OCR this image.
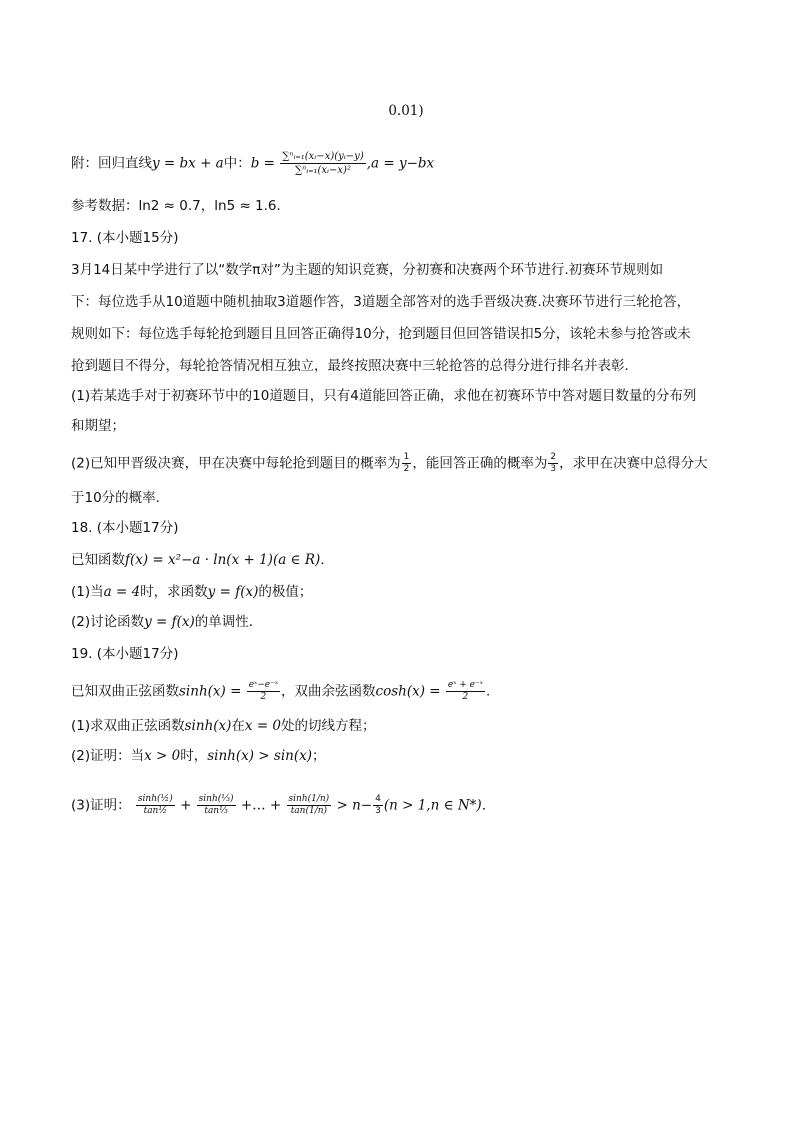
0.01)
附：回归直线y = bx + a中：$b = \frac{\text{∑ⁿᵢ₌₁(xᵢ−x)(yᵢ−y)}}{\text{∑ⁿᵢ₌₁(xᵢ−x)²}} ,a = y-bx$
参考数据：ln2 ≈ 0.7，ln5 ≈ 1.6．
17. (本小题15分)
3月14日某中学进行了以“数学π对”为主题的知识竞赛，分初赛和决赛两个环节进行.初赛环节规则如
下：每位选手从10道题中随机抽取3道题作答，3道题全部答对的选手晋级决赛.决赛环节进行三轮抢答，
规则如下：每位选手每轮抢到题目且回答正确得10分，抢到题目但回答错误扣5分，该轮未参与抢答或未
抢到题目不得分，每轮抢答情况相互独立，最终按照决赛中三轮抢答的总得分进行排名并表彰．
(1)若某选手对于初赛环节中的10道题目，只有4道能回答正确，求他在初赛环节中答对题目数量的分布列
和期望；
(2)已知甲晋级决赛，甲在决赛中每轮抢到题目的概率为 $\frac{1}{2}$ ，能回答正确的概率为 $\frac{2}{3}$ ，求甲在决赛中总得分大
于10分的概率．
18. (本小题17分)
已知函数f(x) = x²−a · ln(x + 1)(a ∈ R)．
(1)当a = 4时，求函数y = f(x)的极值；
(2)讨论函数y = f(x)的单调性．
19. (本小题17分)
已知双曲正弦函数$\sinh(x) = \frac{\text{eˣ−e⁻ˣ}}{2}$ ，双曲余弦函数$\cosh(x) = \frac{\text{eˣ + e⁻ˣ}}{2}$ .
(1)求双曲正弦函数sinh(x)在x = 0处的切线方程；
(2)证明：当x > 0时，sinh(x) > sin(x)；
(3)证明： $\frac{\text{sinh(½)}}{\text{tan½}} + \frac{\text{sinh(⅓)}}{\text{tan⅓}}$ +… + $\frac{\sinh(1/n)}{\tan(1/n)} > n- \frac{4}{3} (n > 1,n$ ∈ N*)．
